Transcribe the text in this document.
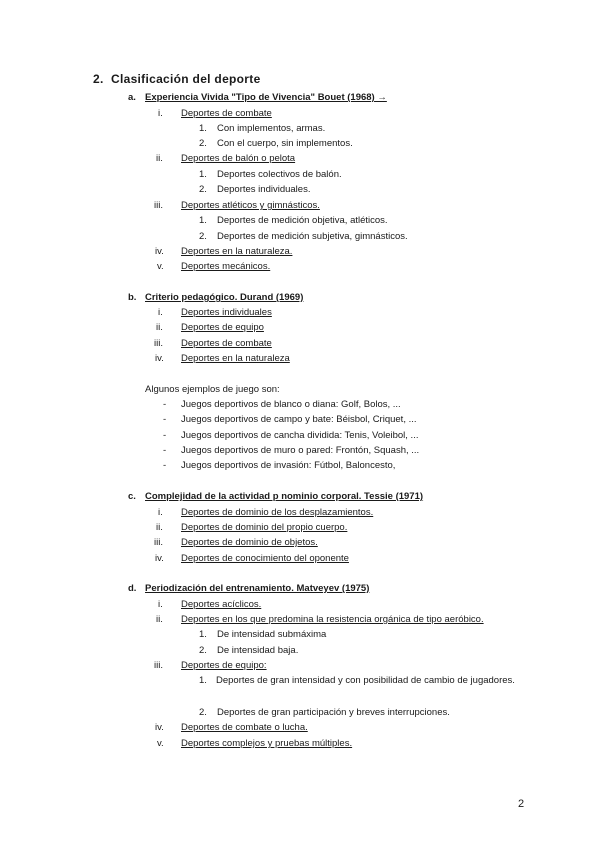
2. Clasificación del deporte
a. Experiencia Vivida "Tipo de Vivencia" Bouet (1968) →
i. Deportes de combate
1. Con implementos, armas.
2. Con el cuerpo, sin implementos.
ii. Deportes de balón o pelota
1. Deportes colectivos de balón.
2. Deportes individuales.
iii. Deportes atléticos y gimnásticos.
1. Deportes de medición objetiva, atléticos.
2. Deportes de medición subjetiva, gimnásticos.
iv. Deportes en la naturaleza.
v. Deportes mecánicos.
b. Criterio pedagógico. Durand (1969)
i. Deportes individuales
ii. Deportes de equipo
iii. Deportes de combate
iv. Deportes en la naturaleza
Algunos ejemplos de juego son:
- Juegos deportivos de blanco o diana: Golf, Bolos, ...
- Juegos deportivos de campo y bate: Béisbol, Criquet, ...
- Juegos deportivos de cancha dividida: Tenis, Voleibol, ...
- Juegos deportivos de muro o pared: Frontón, Squash, ...
- Juegos deportivos de invasión: Fútbol, Baloncesto,
c. Complejidad de la actividad p nominio corporal. Tessie (1971)
i. Deportes de dominio de los desplazamientos.
ii. Deportes de dominio del propio cuerpo.
iii. Deportes de dominio de objetos.
iv. Deportes de conocimiento del oponente
d. Periodización del entrenamiento. Matveyev (1975)
i. Deportes acíclicos.
ii. Deportes en los que predomina la resistencia orgánica de tipo aeróbico.
1. De intensidad submáxima
2. De intensidad baja.
iii. Deportes de equipo:
1. Deportes de gran intensidad y con posibilidad de cambio de jugadores.
2. Deportes de gran participación y breves interrupciones.
iv. Deportes de combate o lucha.
v. Deportes complejos y pruebas múltiples.
2
